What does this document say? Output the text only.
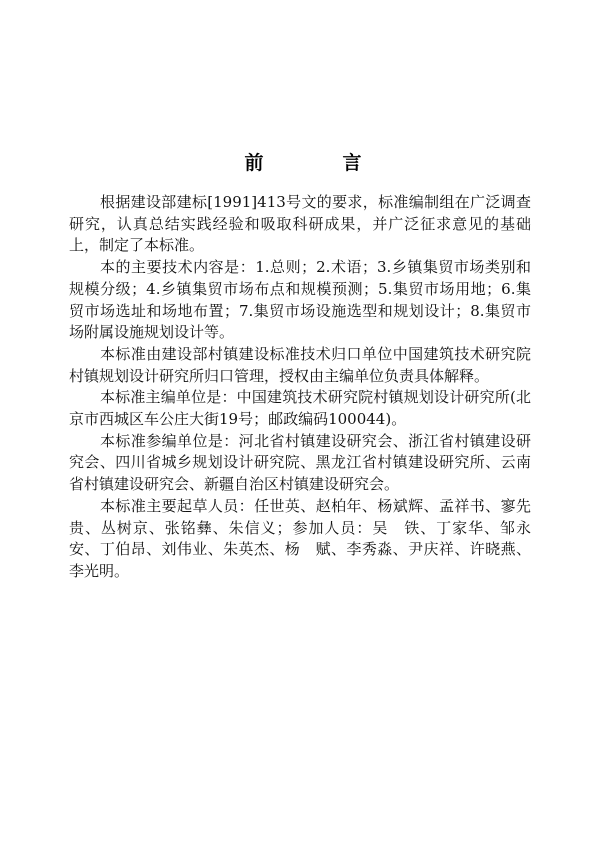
前　言

根据建设部建标[1991]413号文的要求，标准编制组在广泛调查研究，认真总结实践经验和吸取科研成果，并广泛征求意见的基础上，制定了本标准。

本的主要技术内容是：1.总则；2.术语；3.乡镇集贸市场类别和规模分级；4.乡镇集贸市场布点和规模预测；5.集贸市场用地；6.集贸市场选址和场地布置；7.集贸市场设施选型和规划设计；8.集贸市场附属设施规划设计等。

本标准由建设部村镇建设标准技术归口单位中国建筑技术研究院村镇规划设计研究所归口管理，授权由主编单位负责具体解释。

本标准主编单位是：中国建筑技术研究院村镇规划设计研究所(北京市西城区车公庄大街19号；邮政编码100044)。

本标准参编单位是：河北省村镇建设研究会、浙江省村镇建设研究会、四川省城乡规划设计研究院、黑龙江省村镇建设研究所、云南省村镇建设研究会、新疆自治区村镇建设研究会。

本标准主要起草人员：任世英、赵柏年、杨斌辉、孟祥书、寥先贵、丛树京、张铭彝、朱信义；参加人员：吴　铁、丁家华、邹永安、丁伯昂、刘伟业、朱英杰、杨　赋、李秀淼、尹庆祥、许晓燕、李光明。
